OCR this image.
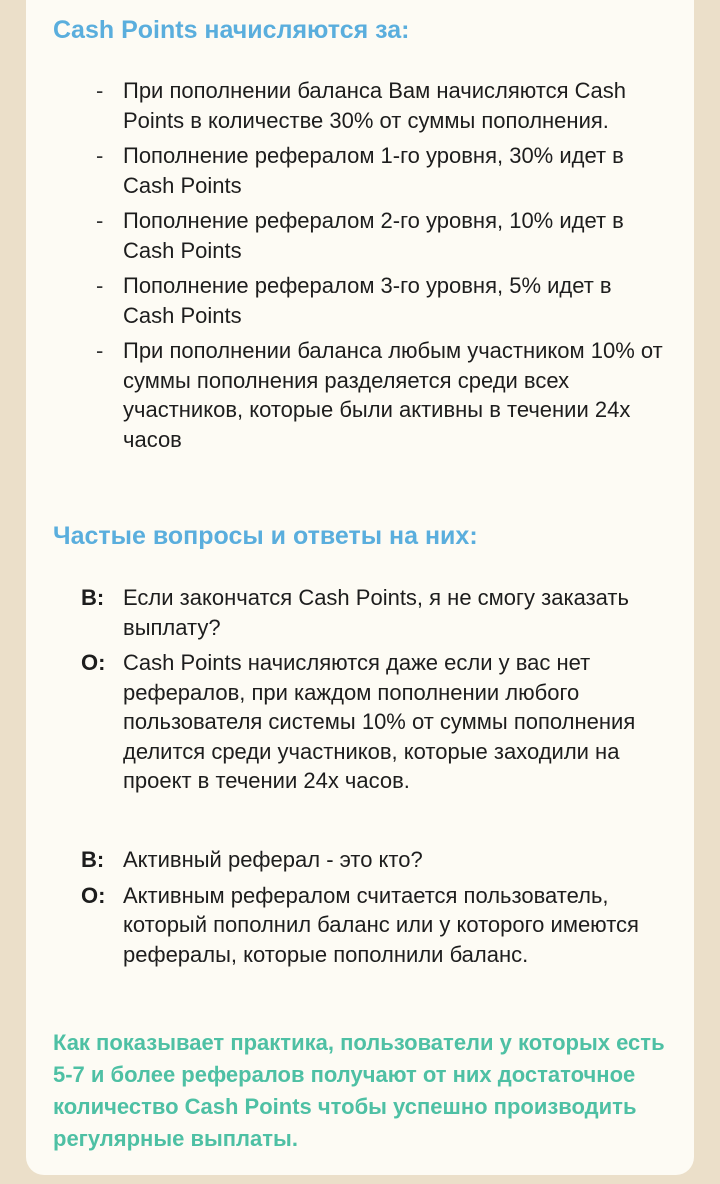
Cash Points начисляются за:
- При пополнении баланса Вам начисляются Cash Points в количестве 30% от суммы пополнения.
- Пополнение рефералом 1-го уровня, 30% идет в Cash Points
- Пополнение рефералом 2-го уровня, 10% идет в Cash Points
- Пополнение рефералом 3-го уровня, 5% идет в Cash Points
- При пополнении баланса любым участником 10% от суммы пополнения разделяется среди всех участников, которые были активны в течении 24х часов
Частые вопросы и ответы на них:
В: Если закончатся Cash Points, я не смогу заказать выплату?
О: Cash Points начисляются даже если у вас нет рефералов, при каждом пополнении любого пользователя системы 10% от суммы пополнения делится среди участников, которые заходили на проект в течении 24х часов.
В: Активный реферал - это кто?
О: Активным рефералом считается пользователь, который пополнил баланс или у которого имеются рефералы, которые пополнили баланс.

Как показывает практика, пользователи у которых есть 5-7 и более рефералов получают от них достаточное количество Cash Points чтобы успешно производить регулярные выплаты.
